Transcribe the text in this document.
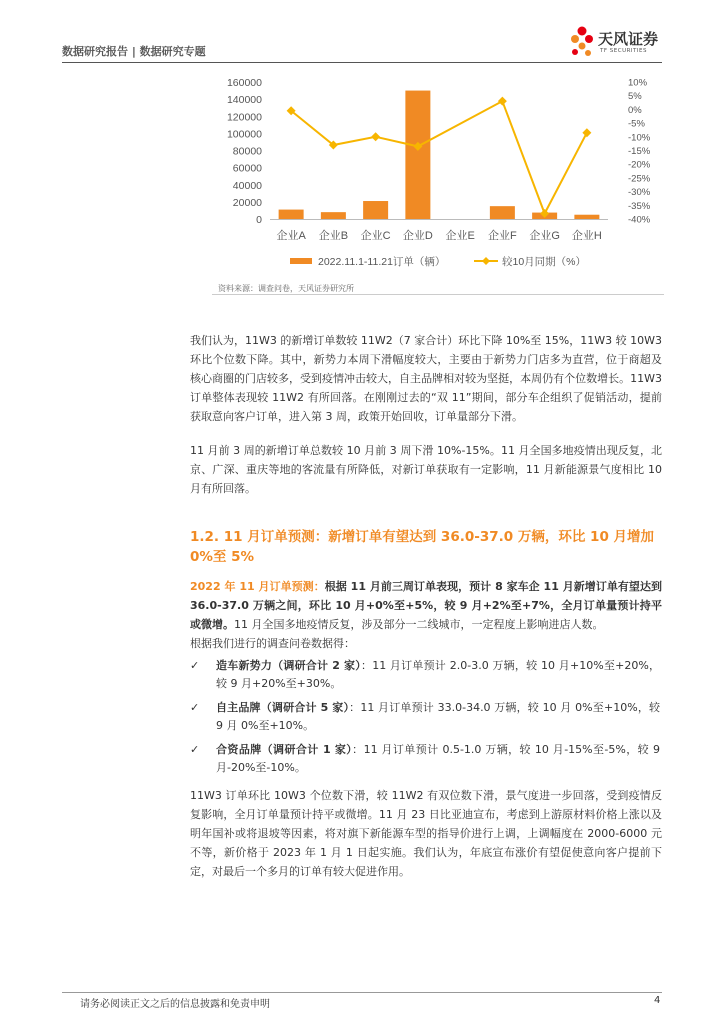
数据研究报告 | 数据研究专题
天风证券
TF SECURITIES
0
20000
40000
60000
80000
100000
120000
140000
160000	10%
5%
0%
-5%
-10%
-15%
-20%
-25%
-30%
-35%
-40%
企业A 企业B 企业C 企业D 企业E 企业F 企业G 企业H
2022.11.1-11.21订单（辆）	较10月同期（%）
资料来源：调查问卷，天风证券研究所

我们认为，11W3 的新增订单数较 11W2（7 家合计）环比下降 10%至 15%，11W3 较 10W3 环比个位数下降。其中，新势力本周下滑幅度较大，主要由于新势力门店多为直营，位于商超及核心商圈的门店较多，受到疫情冲击较大，自主品牌相对较为坚挺，本周仍有个位数增长。11W3 订单整体表现较 11W2 有所回落。在刚刚过去的“双 11”期间，部分车企组织了促销活动，提前获取意向客户订单，进入第 3 周，政策开始回收，订单量部分下滑。

11 月前 3 周的新增订单总数较 10 月前 3 周下滑 10%-15%。11 月全国多地疫情出现反复，北京、广深、重庆等地的客流量有所降低，对新订单获取有一定影响，11 月新能源景气度相比 10 月有所回落。

1.2. 11 月订单预测：新增订单有望达到 36.0-37.0 万辆，环比 10 月增加 0%至 5%

2022 年 11 月订单预测：根据 11 月前三周订单表现，预计 8 家车企 11 月新增订单有望达到 36.0-37.0 万辆之间，环比 10 月+0%至+5%，较 9 月+2%至+7%，全月订单量预计持平或微增。11 月全国多地疫情反复，涉及部分一二线城市，一定程度上影响进店人数。
根据我们进行的调查问卷数据得：

✓ 造车新势力（调研合计 2 家）：11 月订单预计 2.0-3.0 万辆，较 10 月+10%至+20%，较 9 月+20%至+30%。
✓ 自主品牌（调研合计 5 家）：11 月订单预计 33.0-34.0 万辆，较 10 月 0%至+10%，较 9 月 0%至+10%。
✓ 合资品牌（调研合计 1 家）：11 月订单预计 0.5-1.0 万辆，较 10 月-15%至-5%，较 9 月-20%至-10%。

11W3 订单环比 10W3 个位数下滑，较 11W2 有双位数下滑，景气度进一步回落，受到疫情反复影响，全月订单量预计持平或微增。11 月 23 日比亚迪宣布，考虑到上游原材料价格上涨以及明年国补或将退坡等因素，将对旗下新能源车型的指导价进行上调，上调幅度在 2000-6000 元不等，新价格于 2023 年 1 月 1 日起实施。我们认为，年底宣布涨价有望促使意向客户提前下定，对最后一个多月的订单有较大促进作用。

请务必阅读正文之后的信息披露和免责申明	4
